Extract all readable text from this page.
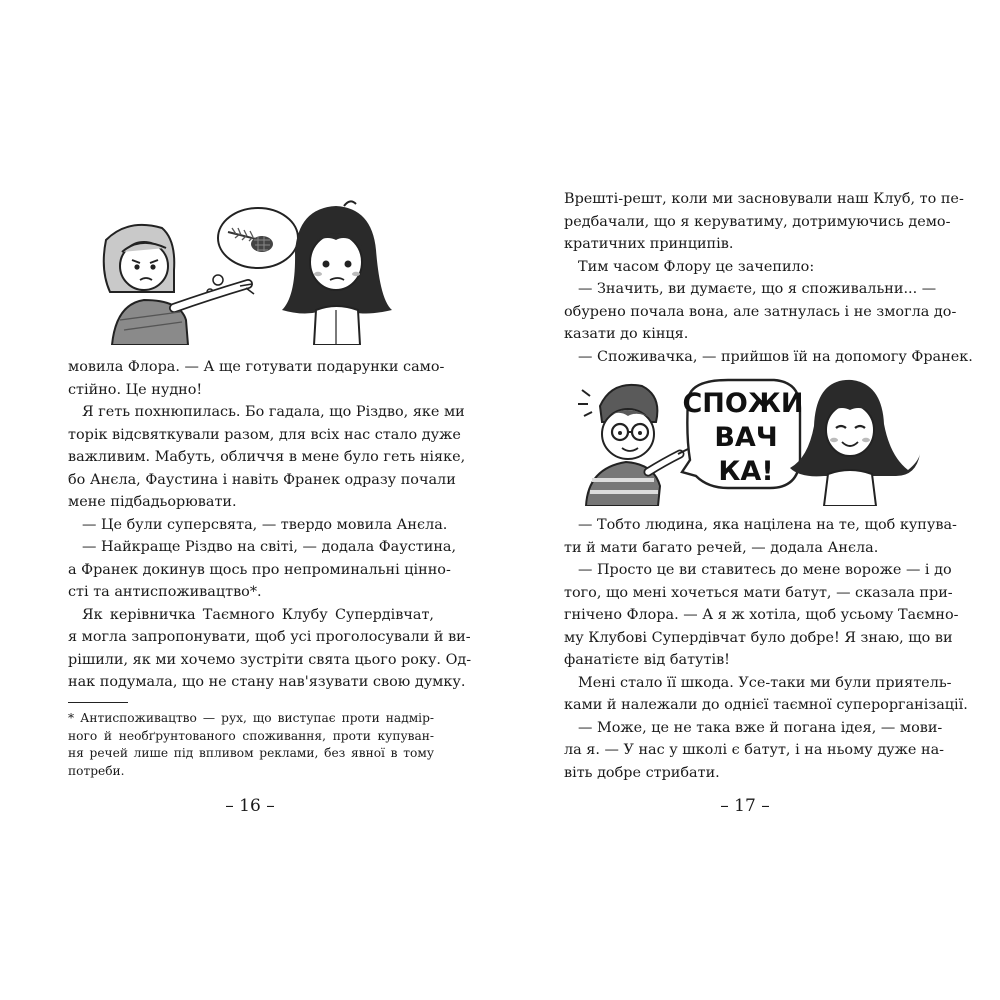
мовила Флора. — А ще готувати подарунки само-

стійно. Це нудно!

Я геть похнюпилась. Бо гадала, що Різдво, яке ми

торік відсвяткували разом, для всіх нас стало дуже

важливим. Мабуть, обличчя в мене було геть ніяке,

бо Анєла, Фаустина і навіть Франек одразу почали

мене підбадьорювати.

— Це були суперсвята, — твердо мовила Анєла.

— Найкраще Різдво на світі, — додала Фаустина,

а Франек докинув щось про непроминальні цінно-

сті та антиспоживацтво*.

Як керівничка Таємного Клубу Супердівчат,

я могла запропонувати, щоб усі проголосували й ви-

рішили, як ми хочемо зустріти свята цього року. Од-

нак подумала, що не стану нав'язувати свою думку.

* Антиспоживацтво — рух, що виступає проти надмір-

ного й необґрунтованого споживання, проти купуван-

ня речей лише під впливом реклами, без явної в тому

потреби.

– 16 –

Врешті-решт, коли ми засновували наш Клуб, то пе-

редбачали, що я керуватиму, дотримуючись демо-

кратичних принципів.

Тим часом Флору це зачепило:

— Значить, ви думаєте, що я споживальни... —

обурено почала вона, але затнулась і не змогла до-

казати до кінця.

— Споживачка, — прийшов їй на допомогу Франек.

СПОЖИ
ВАЧ
КА!

— Тобто людина, яка націлена на те, щоб купува-

ти й мати багато речей, — додала Анєла.

— Просто це ви ставитесь до мене вороже — і до

того, що мені хочеться мати батут, — сказала при-

гнічено Флора. — А я ж хотіла, щоб усьому Таємно-

му Клубові Супердівчат було добре! Я знаю, що ви

фанатієте від батутів!

Мені стало її шкода. Усе-таки ми були приятель-

ками й належали до однієї таємної суперорганізації.

— Може, це не така вже й погана ідея, — мови-

ла я. — У нас у школі є батут, і на ньому дуже на-

віть добре стрибати.

– 17 –
